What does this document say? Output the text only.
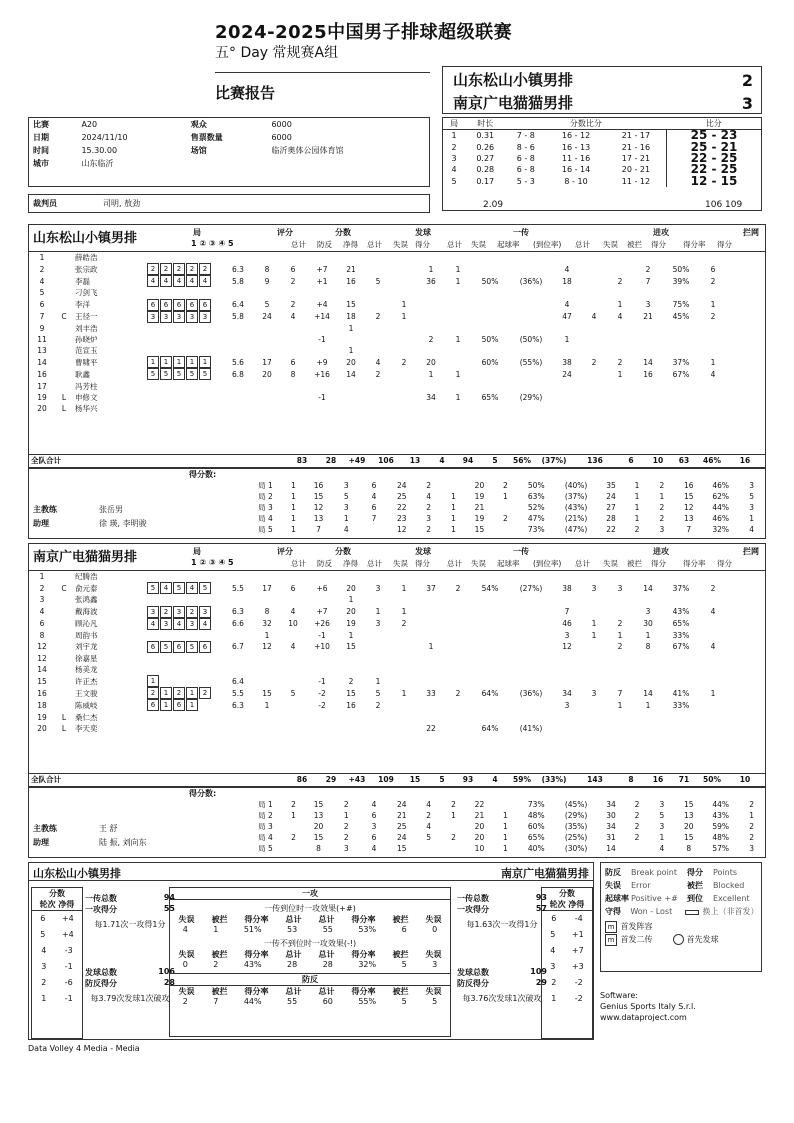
2024-2025中国男子排球超级联赛
五° Day 常规赛A组
比赛报告
山东松山小镇男排	2
南京广电猫猫男排	3
比赛	A20	观众	6000
日期	2024/11/10	售票数量	6000
时间	15.30.00	场馆	临沂奥体公园体育馆
城市	山东临沂		
裁判员	司明, 敖劲
局	时长	分数比分			比分
1	0.31	7 - 8	16 - 12	21 - 17	25 - 23
2	0.26	8 - 6	16 - 13	21 - 16	25 - 21
3	0.27	6 - 8	11 - 16	17 - 21	22 - 25
4	0.28	6 - 8	16 - 14	20 - 21	22 - 25
5	0.17	5 - 3	8 - 10	11 - 12	12 - 15
2.09	106 109
山东松山小镇男排	局
1 ② ③ ④ 5
评分	分数	发球	一传	进攻	拦网
总计 防反 净得 总计 失误 得分 总计 失误 起球率 (到位率) 总计 失误 被拦 得分 得分率 得分
1		薛皓浩																		
2		张宗政	2 2 2 2 2	6.3	8	6	+7	21			1	1			4			2	50%	6
4		李磊	4 4 4 4 4	5.8	9	2	+1	16	5		36	1	50%	(36%)	18		2	7	39%	2
5		刁剑飞																		
6		李洋	6 6 6 6 6	6.4	5	2	+4	15		1					4		1	3	75%	1
7	C	王径一	3 3 3 3 3	5.8	24	4	+14	18	2	1					47	4	4	21	45%	2
9		刘丰浩						1												
11		孙晓炉					-1				2	1	50%	(50%)	1					
13		范宣玉						1												
14		曹啸平	1 1 1 1 1	5.6	17	6	+9	20	4	2	20		60%	(55%)	38	2	2	14	37%	1
16		耿鑫	5 5 5 5 5	6.8	20	8	+16	14	2		1	1			24		1	16	67%	4
17		冯芳柱																		
19	L	申修文					-1				34	1	65%	(29%)						
20	L	杨华兴																		
全队合计		83	28	+49	106	13	4	94	5	56%	(37%)	136	6	10	63	46%	16
得分数:
主教练	张岳男
助理	徐 瑛, 李明骏
局 1	1	16	3	6	24	2		20	2	50%	(40%)	35	1	2	16	46%	3
局 2	1	15	5	4	25	4	1	19	1	63%	(37%)	24	1	1	15	62%	5
局 3	1	12	3	6	22	2	1	21		52%	(43%)	27	1	2	12	44%	3
局 4	1	13	1	7	23	3	1	19	2	47%	(21%)	28	1	2	13	46%	1
局 5	1	7	4		12	2	1	15		73%	(47%)	22	2	3	7	32%	4
南京广电猫猫男排	局
1 ② ③ ④ 5
评分	分数	发球	一传	进攻	拦网
总计 防反 净得 总计 失误 得分 总计 失误 起球率 (到位率) 总计 失误 被拦 得分 得分率 得分
1		纪腾浩																		
2	C	俞元泰	5 4 5 4 5	5.5	17	6	+6	20	3	1	37	2	54%	(27%)	38	3	3	14	37%	2
3		张鸿鑫						1												
4		戴海波	3 2 3 2 3	6.3	8	4	+7	20	1	1					7			3	43%	4
6		顾沁凡	4 3 4 3 4	6.6	32	10	+26	19	3	2					46	1	2	30	65%	
8		周韵书			1		-1	1							3	1	1	1	33%	
12		刘宇龙	6 5 6 5 6	6.7	12	4	+10	15			1				12		2	8	67%	4
12		徐嘉星																		
14		杨美龙																		
15		许正杰	1	6.4			-1	2	1											
16		王文骏	2 1 2 1 2	5.5	15	5	-2	15	5	1	33	2	64%	(36%)	34	3	7	14	41%	1
18		陈威岐	6 1 6 1	6.3	1		-2	16	2						3		1	1	33%	
19	L	桑仁杰																		
20	L	李天奕									22		64%	(41%)						
全队合计		86	29	+43	109	15	5	93	4	59%	(33%)	143	8	16	71	50%	10
得分数:
主教练	王 舒
助理	陆 振, 刘向东
局 1	2	15	2	4	24	4	2	22		73%	(45%)	34	2	3	15	44%	2
局 2	1	13	1	6	21	2	1	21	1	48%	(29%)	30	2	5	13	43%	1
局 3		20	2	3	25	4		20	1	60%	(35%)	34	2	3	20	59%	2
局 4	2	15	2	6	24	5	2	20	1	65%	(25%)	31	2	1	15	48%	2
局 5		8	3	4	15			10	1	40%	(30%)	14		4	8	57%	3
山东松山小镇男排	南京广电猫猫男排
分数
轮次 净得
6 +4
5 +4
4 -3
3 -1
2 -6
1 -1
分数
轮次 净得
6 -4
5 +1
4 +7
3 +3
2 -2
1 -2
一传总数	94
一攻得分	55
每1.71次一攻得1分
发球总数	106
防反得分	28
每3.79次发球1次破攻
一传总数	93
一攻得分	57
每1.63次一攻得1分
发球总数	109
防反得分	29
每3.76次发球1次破攻
一攻
一传到位时一攻效果(+#)
失误 被拦 得分率 总计 总计 得分率 被拦 失误
4	1	51%	53	55	53%	6	0
一传不到位时一攻效果(-!)
失误 被拦 得分率 总计 总计 得分率 被拦 失误
0	2	43%	28	28	32%	5	3
防反
失误 被拦 得分率 总计 总计 得分率 被拦 失误
2	7	44%	55	60	55%	5	5
防反	Break point	得分	Points
失误	Error	被拦	Blocked
起球率 Positive +#	到位	Excellent
守得	Won - Lost	换上（非首发）
m 首发阵容
m 首发二传	首先发球
Software:
Genius Sports Italy S.r.l.
www.dataproject.com
Data Volley 4 Media - Media
